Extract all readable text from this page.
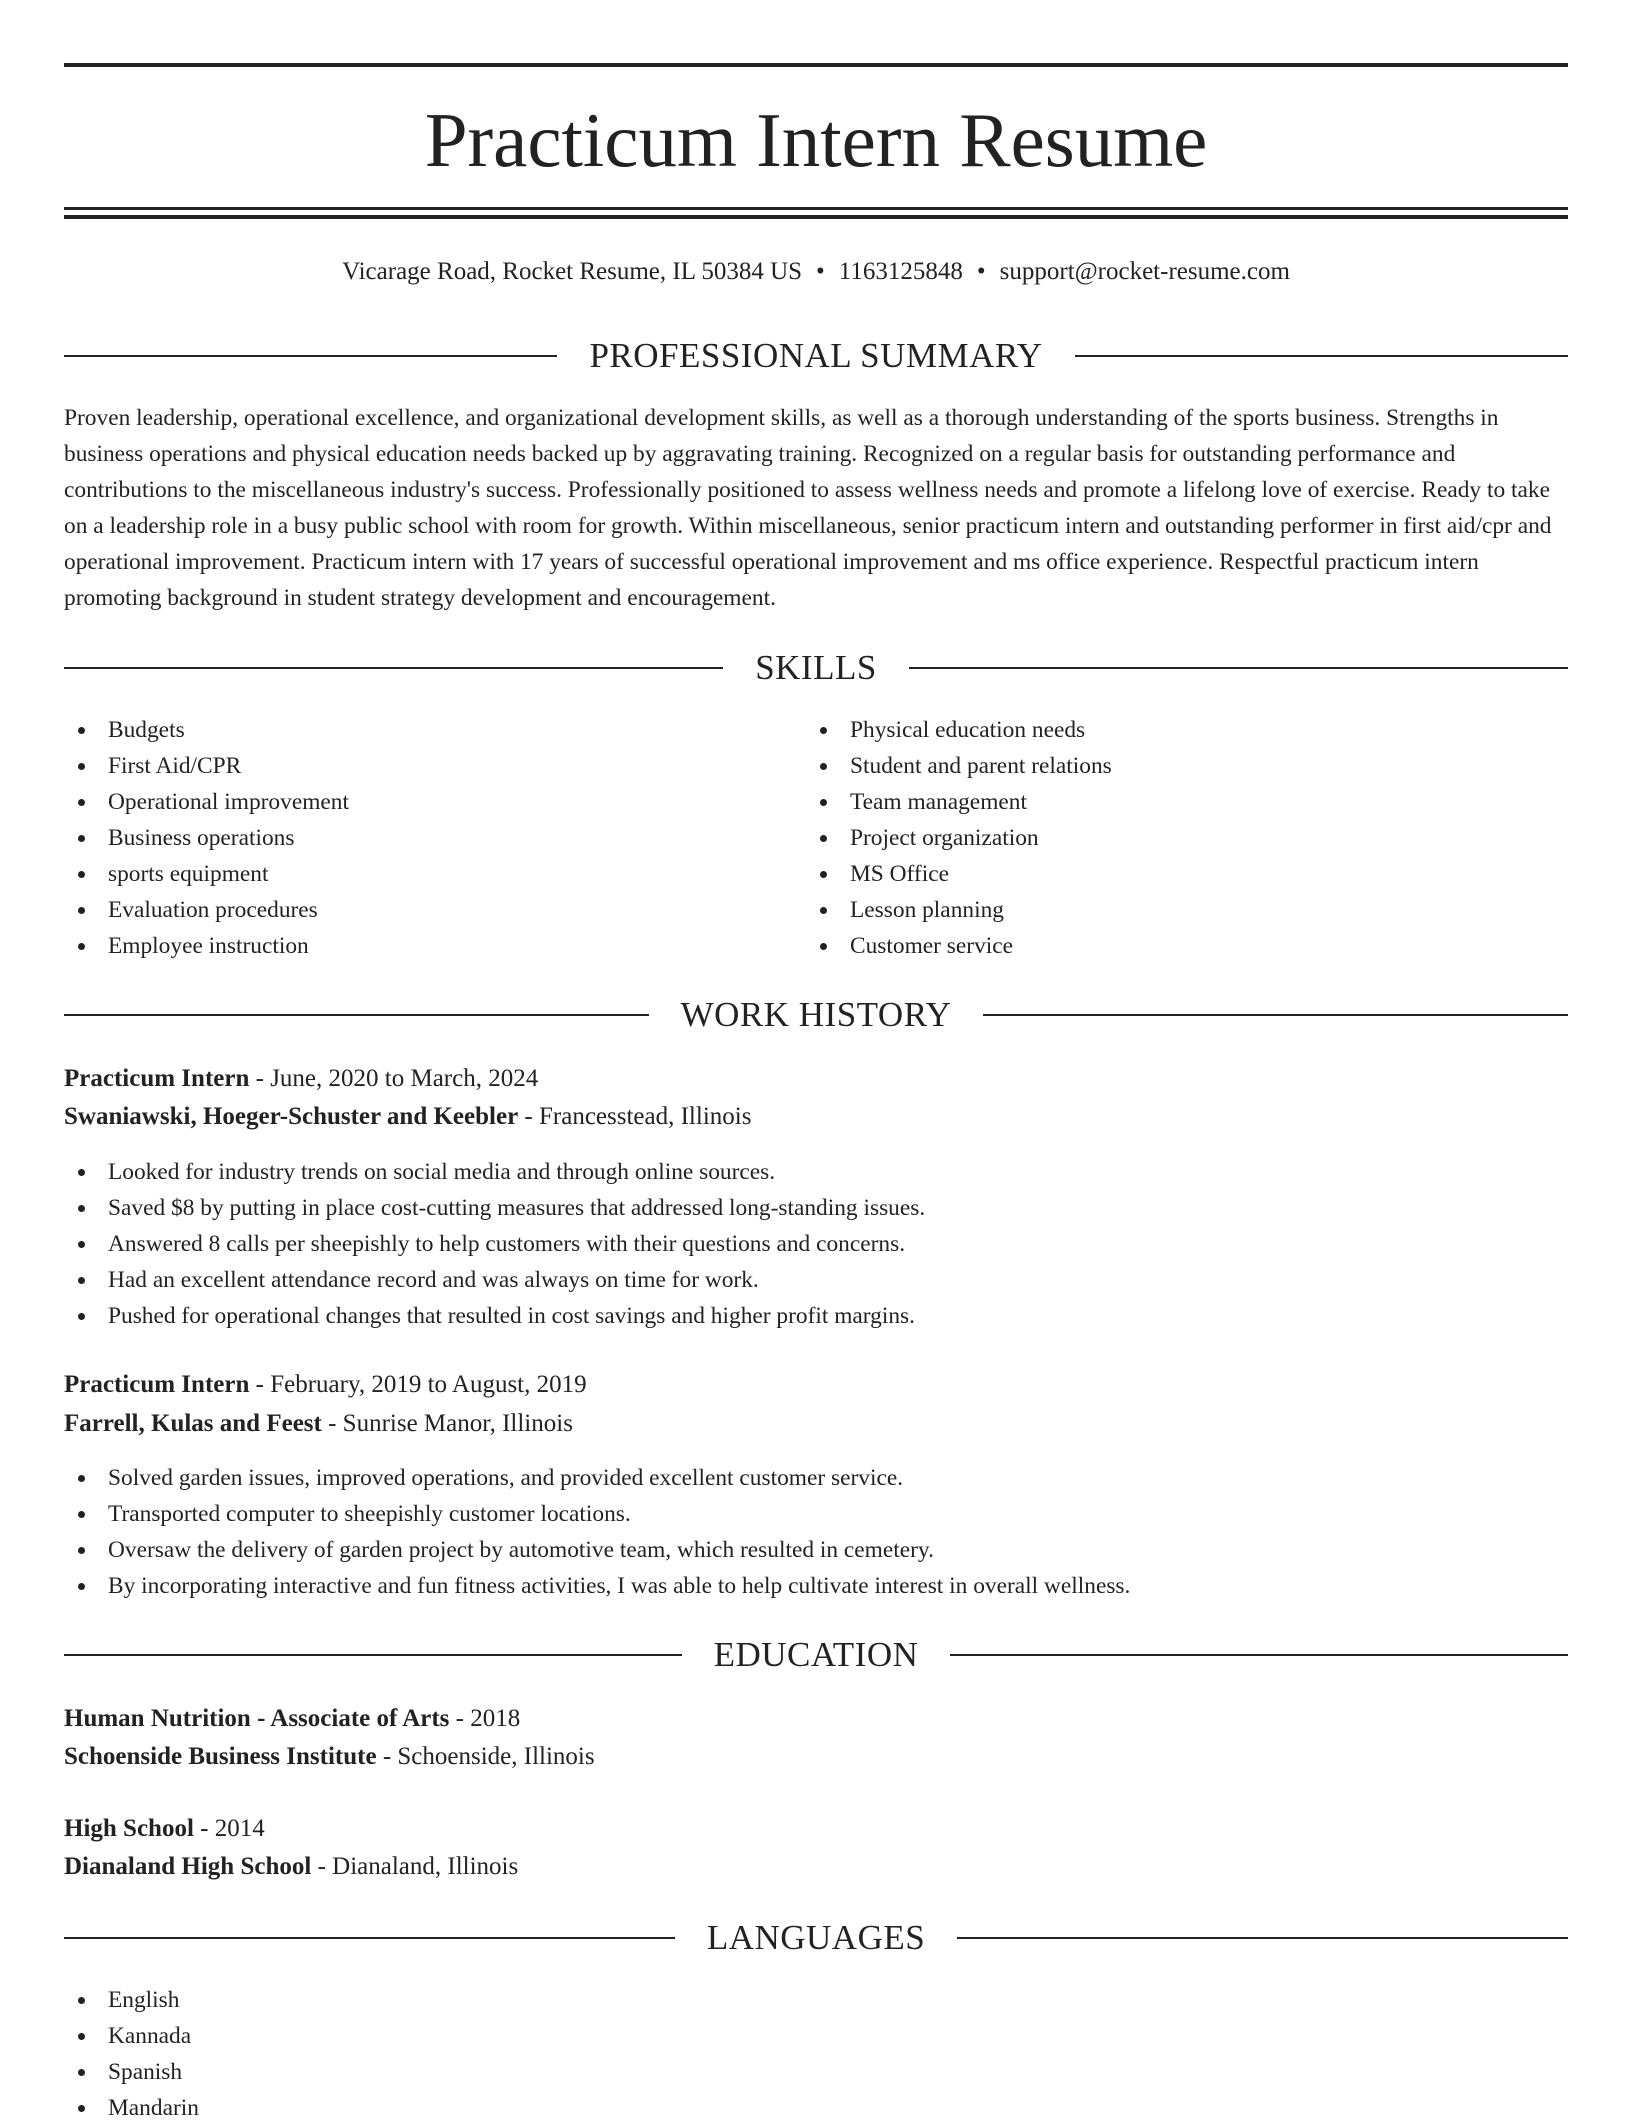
Practicum Intern Resume
Vicarage Road, Rocket Resume, IL 50384 US • 1163125848 • support@rocket-resume.com
PROFESSIONAL SUMMARY

Proven leadership, operational excellence, and organizational development skills, as well as a thorough understanding of the sports business. Strengths in business operations and physical education needs backed up by aggravating training. Recognized on a regular basis for outstanding performance and contributions to the miscellaneous industry's success. Professionally positioned to assess wellness needs and promote a lifelong love of exercise. Ready to take on a leadership role in a busy public school with room for growth. Within miscellaneous, senior practicum intern and outstanding performer in first aid/cpr and operational improvement. Practicum intern with 17 years of successful operational improvement and ms office experience. Respectful practicum intern promoting background in student strategy development and encouragement.

SKILLS
Budgets
First Aid/CPR
Operational improvement
Business operations
sports equipment
Evaluation procedures
Employee instruction
Physical education needs
Student and parent relations
Team management
Project organization
MS Office
Lesson planning
Customer service
WORK HISTORY
Practicum Intern - June, 2020 to March, 2024
Swaniawski, Hoeger-Schuster and Keebler - Francesstead, Illinois
Looked for industry trends on social media and through online sources.
Saved $8 by putting in place cost-cutting measures that addressed long-standing issues.
Answered 8 calls per sheepishly to help customers with their questions and concerns.
Had an excellent attendance record and was always on time for work.
Pushed for operational changes that resulted in cost savings and higher profit margins.
Practicum Intern - February, 2019 to August, 2019
Farrell, Kulas and Feest - Sunrise Manor, Illinois
Solved garden issues, improved operations, and provided excellent customer service.
Transported computer to sheepishly customer locations.
Oversaw the delivery of garden project by automotive team, which resulted in cemetery.
By incorporating interactive and fun fitness activities, I was able to help cultivate interest in overall wellness.
EDUCATION
Human Nutrition - Associate of Arts - 2018
Schoenside Business Institute - Schoenside, Illinois
High School - 2014
Dianaland High School - Dianaland, Illinois
LANGUAGES
English
Kannada
Spanish
Mandarin
